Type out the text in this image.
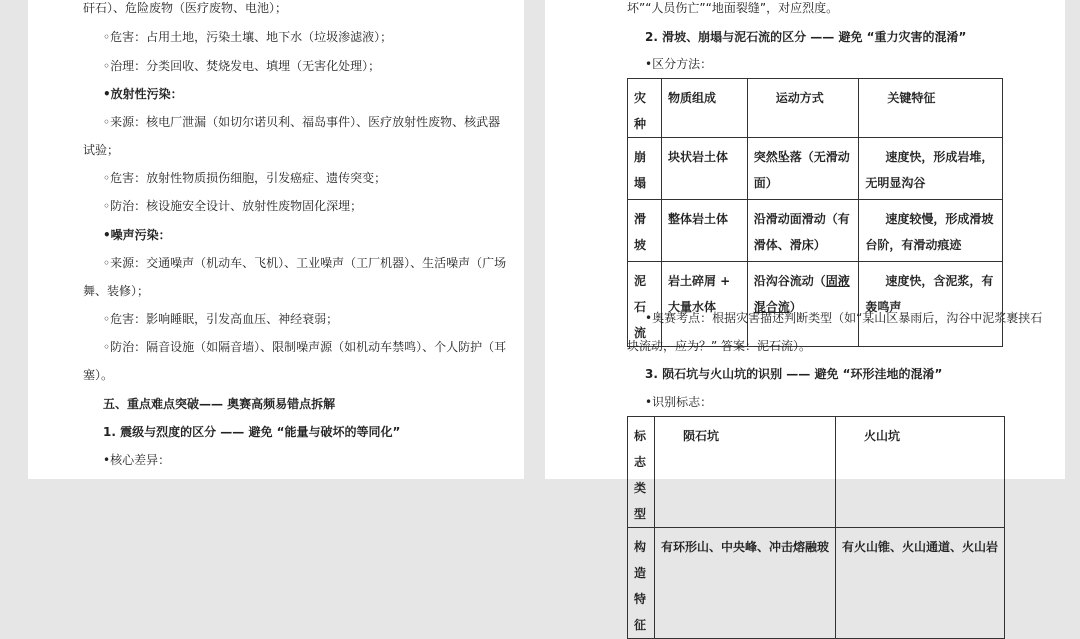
矸石）、危险废物（医疗废物、电池）；
◦危害：占用土地，污染土壤、地下水（垃圾渗滤液）；
◦治理：分类回收、焚烧发电、填埋（无害化处理）；
•放射性污染：
◦来源：核电厂泄漏（如切尔诺贝利、福岛事件）、医疗放射性废物、核武器
试验；
◦危害：放射性物质损伤细胞，引发癌症、遗传突变；
◦防治：核设施安全设计、放射性废物固化深埋；
•噪声污染：
◦来源：交通噪声（机动车、飞机）、工业噪声（工厂机器）、生活噪声（广场
舞、装修）；
◦危害：影响睡眠，引发高血压、神经衰弱；
◦防治：隔音设施（如隔音墙）、限制噪声源（如机动车禁鸣）、个人防护（耳
塞）。
五、重点难点突破—— 奥赛高频易错点拆解
1. 震级与烈度的区分 —— 避免 “能量与破坏的等同化”
•核心差异：
坏”“人员伤亡”“地面裂缝”，对应烈度。
2. 滑坡、崩塌与泥石流的区分 —— 避免 “重力灾害的混淆”
•区分方法：
灾种	物质组成	运动方式	关键特征
崩塌	块状岩土体	突然坠落（无滑动面）	速度快，形成岩堆，无明显沟谷
滑坡	整体岩土体	沿滑动面滑动（有滑体、滑床）	速度较慢，形成滑坡台阶，有滑动痕迹
泥石流	岩土碎屑 + 大量水体	沿沟谷流动（固液混合流）	速度快，含泥浆，有轰鸣声
•奥赛考点：根据灾害描述判断类型（如“某山区暴雨后，沟谷中泥浆裹挟石
块流动，应为？” 答案：泥石流）。
3. 陨石坑与火山坑的识别 —— 避免 “环形洼地的混淆”
•识别标志：
标志类型	陨石坑	火山坑
构造特征	有环形山、中央峰、冲击熔融玻	有火山锥、火山通道、火山岩
